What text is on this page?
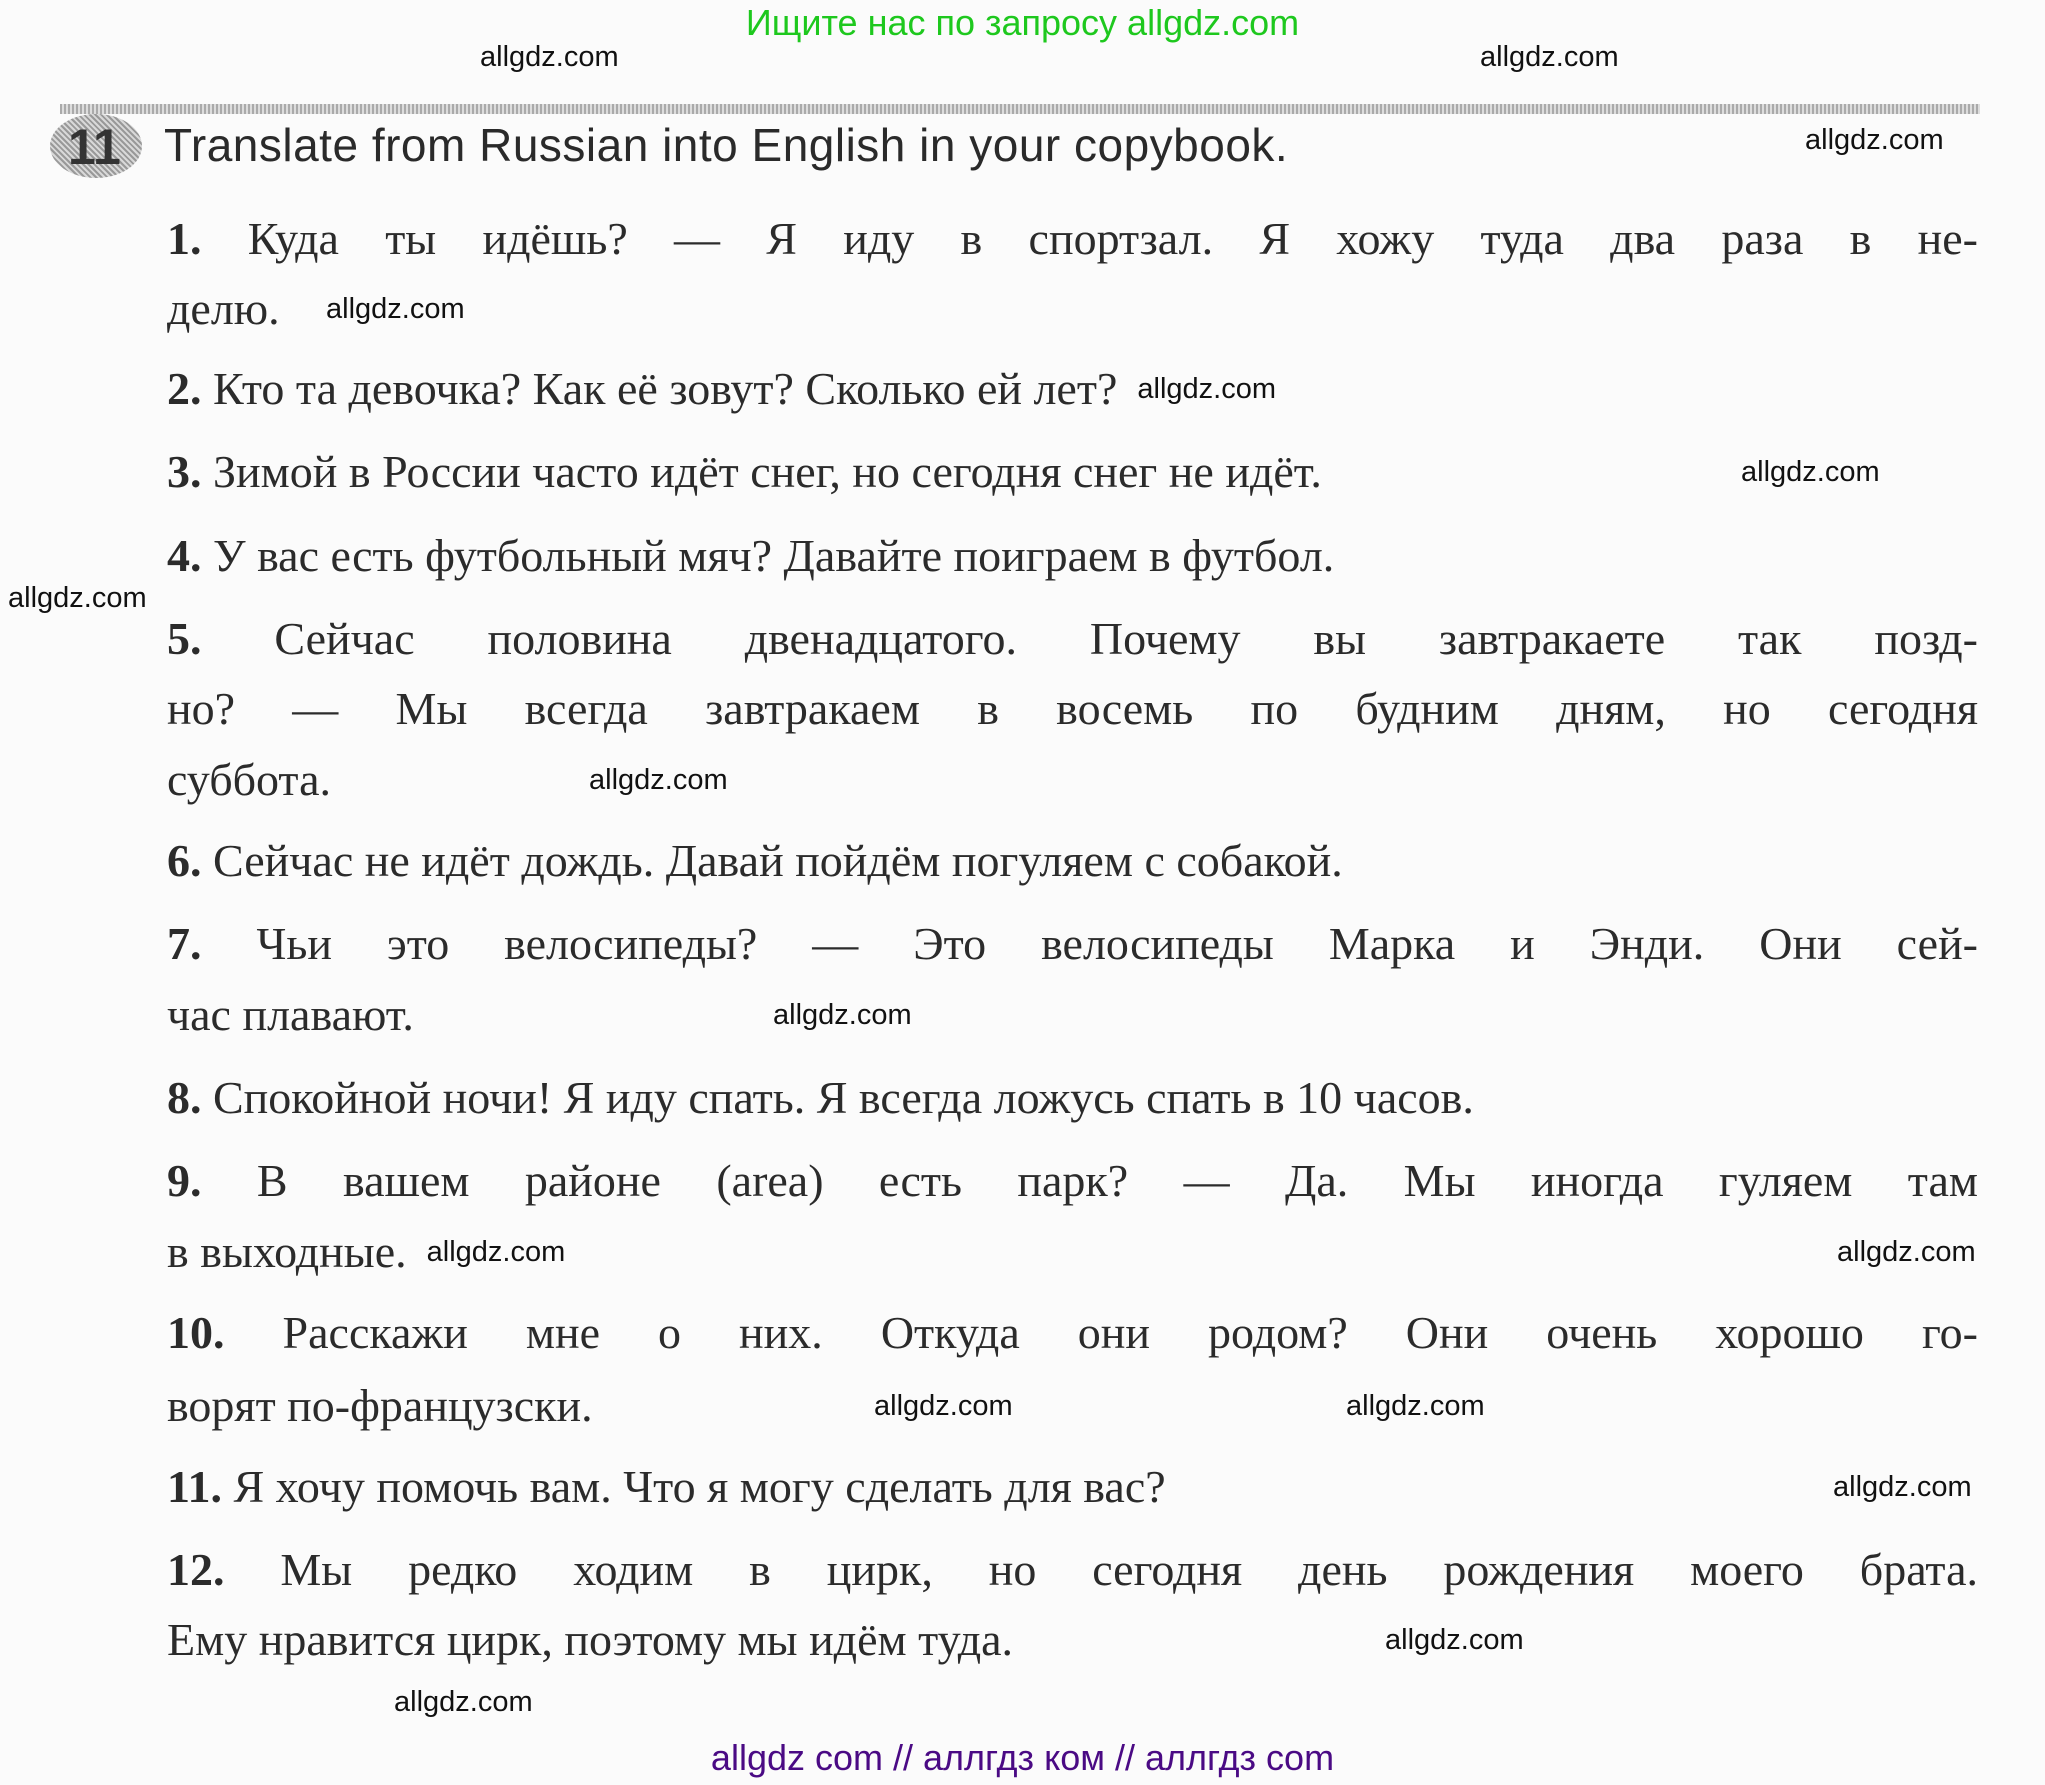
Ищите нас по запросу allgdz.com
11 Translate from Russian into English in your copybook.
1. Куда ты идёшь? — Я иду в спортзал. Я хожу туда два раза в не-
делю.
2. Кто та девочка? Как её зовут? Сколько ей лет?
3. Зимой в России часто идёт снег, но сегодня снег не идёт.
4. У вас есть футбольный мяч? Давайте поиграем в футбол.
5. Сейчас половина двенадцатого. Почему вы завтракаете так позд-
но? — Мы всегда завтракаем в восемь по будним дням, но сегодня
суббота.
6. Сейчас не идёт дождь. Давай пойдём погуляем с собакой.
7. Чьи это велосипеды? — Это велосипеды Марка и Энди. Они сей-
час плавают.
8. Спокойной ночи! Я иду спать. Я всегда ложусь спать в 10 часов.
9. В вашем районе (area) есть парк? — Да. Мы иногда гуляем там
в выходные.
10. Расскажи мне о них. Откуда они родом? Они очень хорошо го-
ворят по-французски.
11. Я хочу помочь вам. Что я могу сделать для вас?
12. Мы редко ходим в цирк, но сегодня день рождения моего брата.
Ему нравится цирк, поэтому мы идём туда.
allgdz.com	allgdz.com
allgdz.com
allgdz.com
allgdz.com
allgdz.com
allgdz.com
allgdz.com
allgdz.com
allgdz.com	allgdz.com
allgdz.com	allgdz.com
allgdz.com
allgdz.com
allgdz.com
allgdz com // аллгдз ком // аллгдз com
